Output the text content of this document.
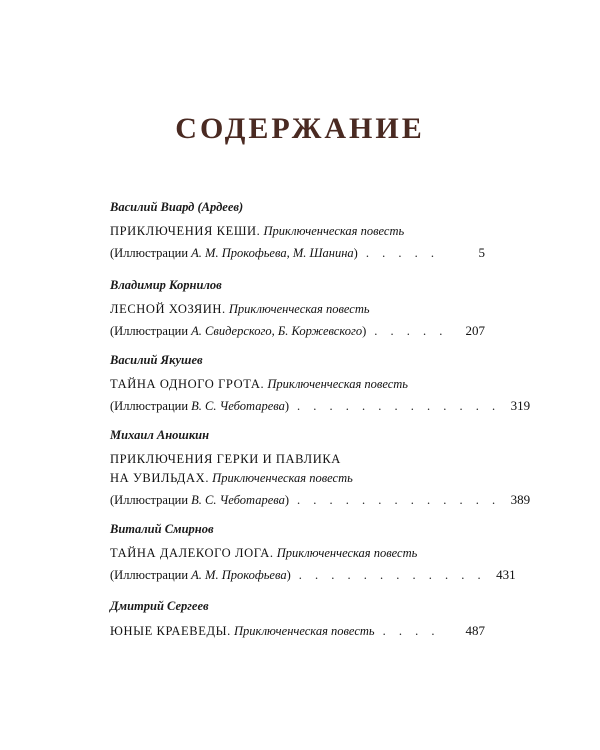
СОДЕРЖАНИЕ
Василий Виард (Ардеев)
ПРИКЛЮЧЕНИЯ КЕШИ. Приключенческая повесть
(Иллюстрации А. М. Прокофьева, М. Шанина) . . . . .	5
Владимир Корнилов
ЛЕСНОЙ ХОЗЯИН. Приключенческая повесть
(Иллюстрации А. Свидерского, Б. Коржевского) . . . . .	207
Василий Якушев
ТАЙНА ОДНОГО ГРОТА. Приключенческая повесть
(Иллюстрации В. С. Чеботарева) . . . . . . . . . . . . . 319
Михаил Аношкин
ПРИКЛЮЧЕНИЯ ГЕРКИ И ПАВЛИКА
НА УВИЛЬДАХ. Приключенческая повесть
(Иллюстрации В. С. Чеботарева) . . . . . . . . . . . . . 389
Виталий Смирнов
ТАЙНА ДАЛЕКОГО ЛОГА. Приключенческая повесть
(Иллюстрации А. М. Прокофьева) . . . . . . . . . . . . 431
Дмитрий Сергеев
ЮНЫЕ КРАЕВЕДЫ. Приключенческая повесть . . . .	487
